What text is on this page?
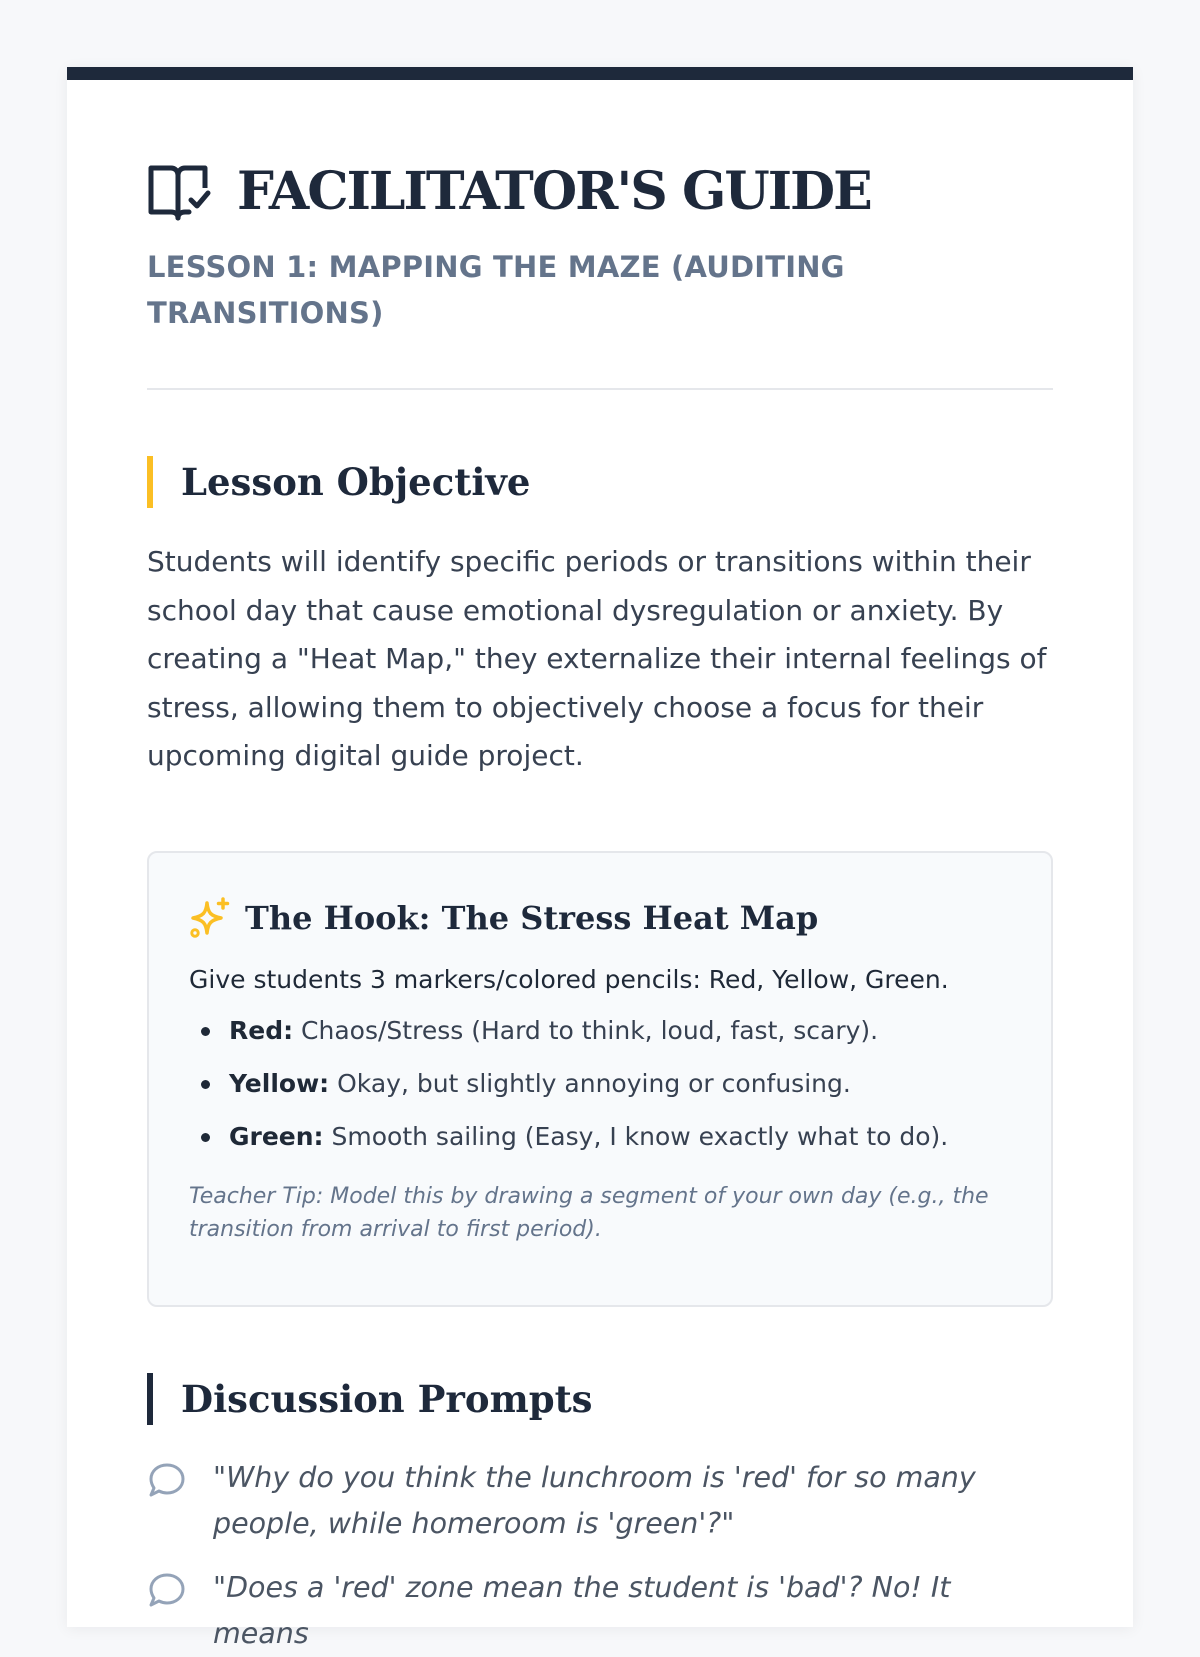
FACILITATOR'S GUIDE
LESSON 1: MAPPING THE MAZE (AUDITING TRANSITIONS)
Lesson Objective
Students will identify specific periods or transitions within their school day that cause emotional dysregulation or anxiety. By creating a "Heat Map," they externalize their internal feelings of stress, allowing them to objectively choose a focus for their upcoming digital guide project.
The Hook: The Stress Heat Map
Give students 3 markers/colored pencils: Red, Yellow, Green.
Red: Chaos/Stress (Hard to think, loud, fast, scary).
Yellow: Okay, but slightly annoying or confusing.
Green: Smooth sailing (Easy, I know exactly what to do).
Teacher Tip: Model this by drawing a segment of your own day (e.g., the transition from arrival to first period).
Discussion Prompts
"Why do you think the lunchroom is 'red' for so many people, while homeroom is 'green'?"
"Does a 'red' zone mean the student is 'bad'? No! It means
